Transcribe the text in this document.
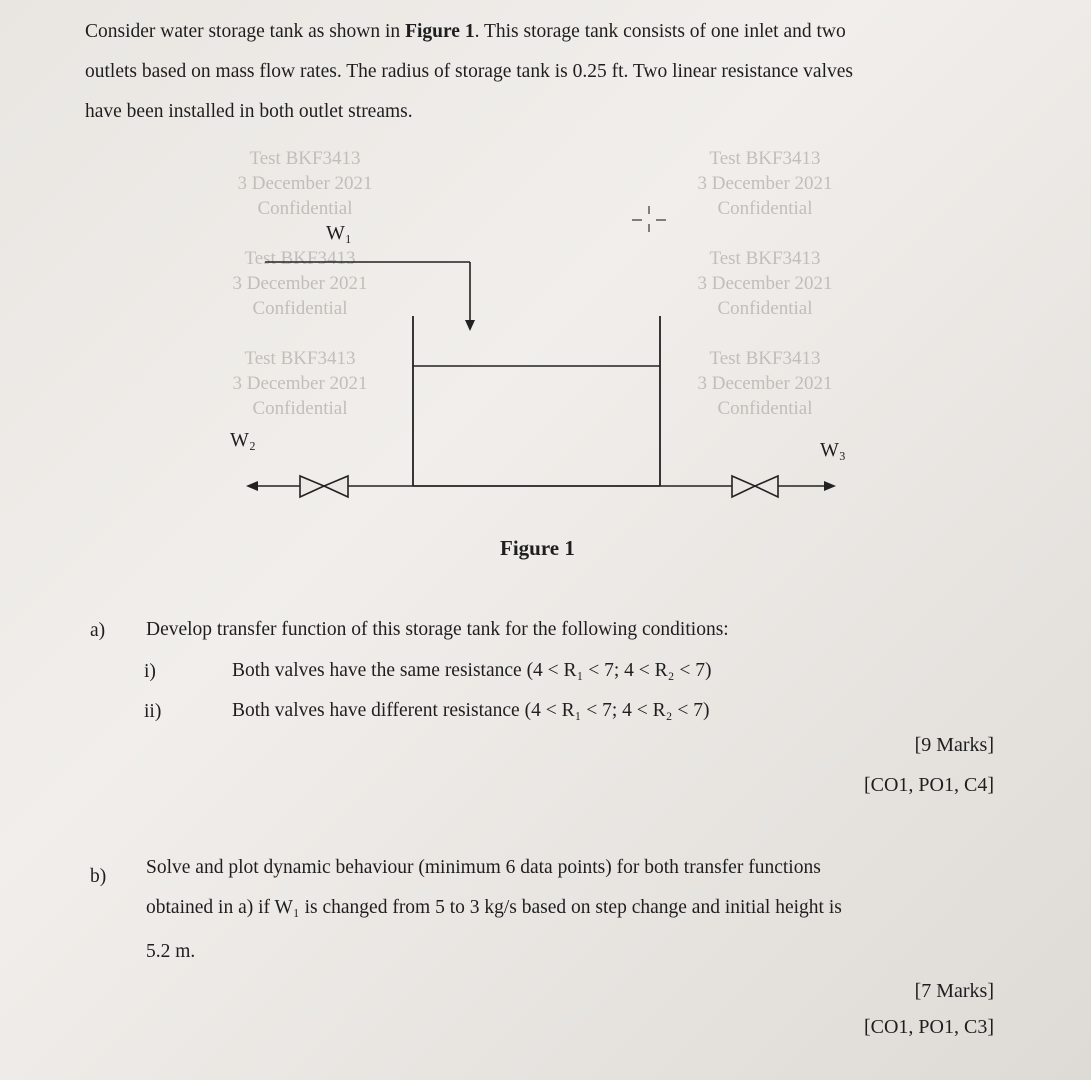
Consider water storage tank as shown in Figure 1. This storage tank consists of one inlet and two
outlets based on mass flow rates. The radius of storage tank is 0.25 ft. Two linear resistance valves
have been installed in both outlet streams.
Test BKF3413
3 December 2021
Confidential
Test BKF3413
3 December 2021
Confidential
Test BKF3413
3 December 2021
Confidential
Test BKF3413
3 December 2021
Confidential
Test BKF3413
3 December 2021
Confidential
Test BKF3413
3 December 2021
Confidential
W₁
W₂	W₃
Figure 1
a) Develop transfer function of this storage tank for the following conditions:
i)	Both valves have the same resistance (4 < R₁ < 7; 4 < R₂ < 7)
ii)	Both valves have different resistance (4 < R₁ < 7; 4 < R₂ < 7)
[9 Marks]
[CO1, PO1, C4]
b) Solve and plot dynamic behaviour (minimum 6 data points) for both transfer functions
obtained in a) if W₁ is changed from 5 to 3 kg/s based on step change and initial height is
5.2 m.
[7 Marks]
[CO1, PO1, C3]
